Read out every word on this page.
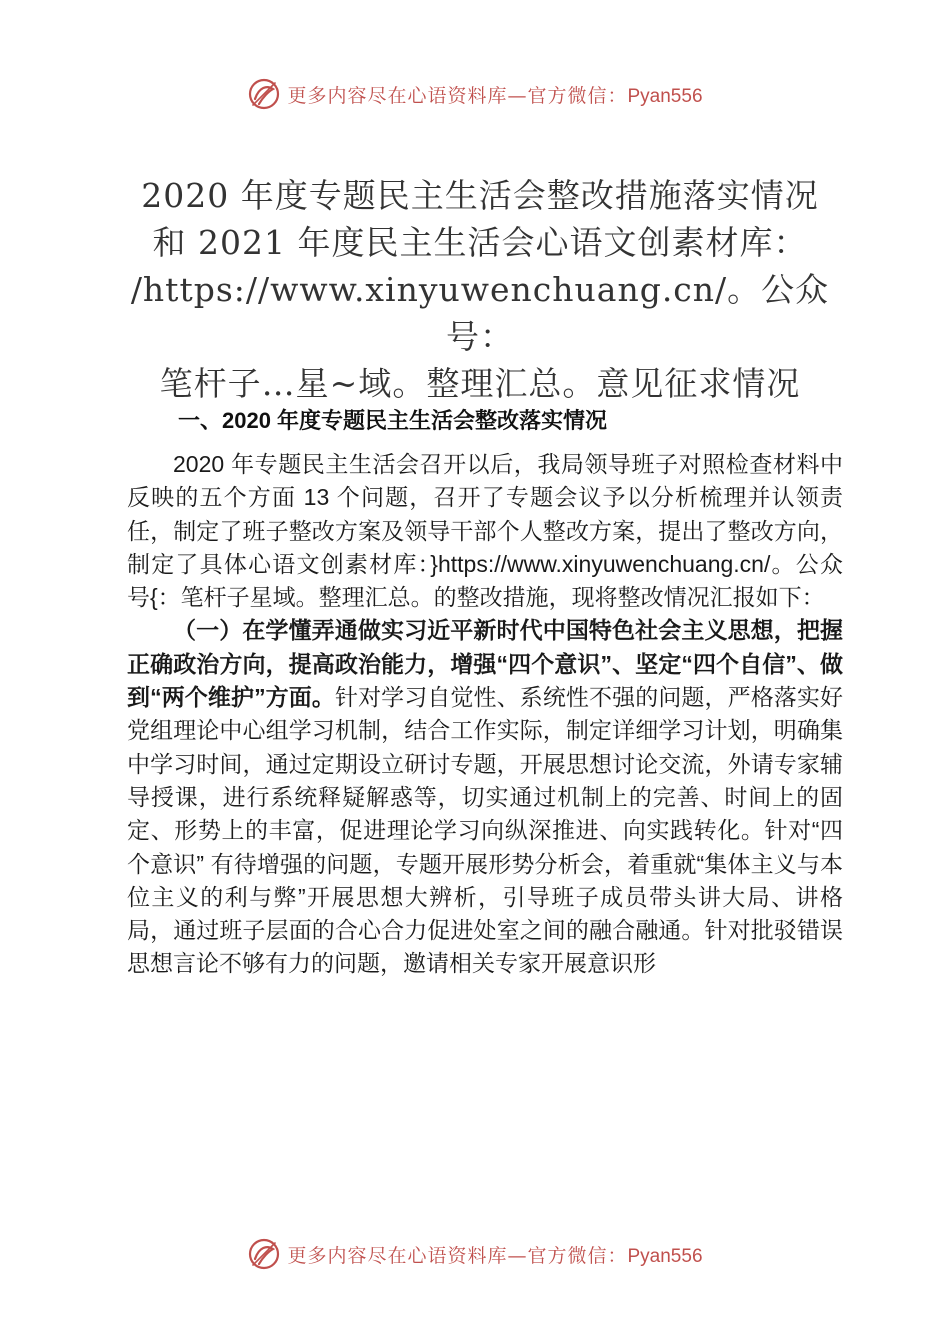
更多内容尽在心语资料库—官方微信：Pyan556
2020 年度专题民主生活会整改措施落实情况
和 2021 年度民主生活会心语文创素材库：
/https://www.xinyuwenchuang.cn/。公众号：
笔杆子…星~域。整理汇总。意见征求情况
一、2020 年度专题民主生活会整改落实情况

2020 年专题民主生活会召开以后，我局领导班子对照检查材料中反映的五个方面 13 个问题，召开了专题会议予以分析梳理并认领责任，制定了班子整改方案及领导干部个人整改方案，提出了整改方向，制定了具体心语文创素材库：}https://www.xinyuwenchuang.cn/。公众号{：笔杆子星域。整理汇总。的整改措施，现将整改情况汇报如下：

（一）在学懂弄通做实习近平新时代中国特色社会主义思想，把握正确政治方向，提高政治能力，增强“四个意识”、坚定“四个自信”、做到“两个维护”方面。针对学习自觉性、系统性不强的问题，严格落实好党组理论中心组学习机制，结合工作实际，制定详细学习计划，明确集中学习时间，通过定期设立研讨专题，开展思想讨论交流，外请专家辅导授课，进行系统释疑解惑等，切实通过机制上的完善、时间上的固定、形势上的丰富，促进理论学习向纵深推进、向实践转化。针对“四个意识” 有待增强的问题，专题开展形势分析会，着重就“集体主义与本位主义的利与弊”开展思想大辨析，引导班子成员带头讲大局、讲格局，通过班子层面的合心合力促进处室之间的融合融通。针对批驳错误思想言论不够有力的问题，邀请相关专家开展意识形

更多内容尽在心语资料库—官方微信：Pyan556
